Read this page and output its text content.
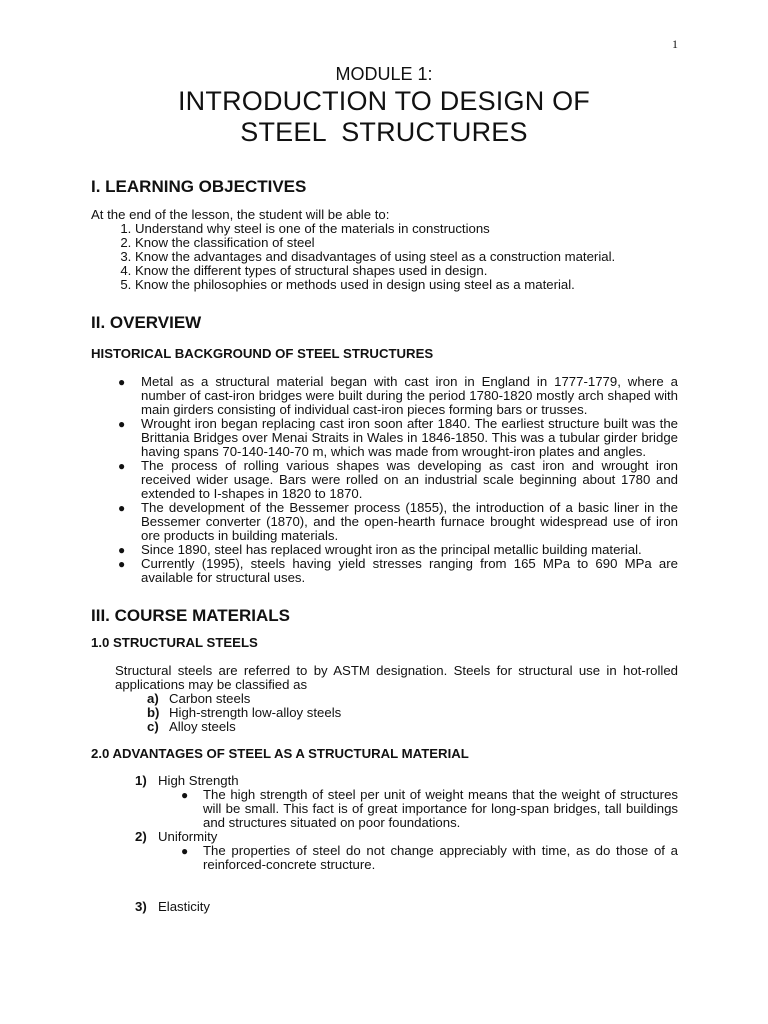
1
MODULE 1:
INTRODUCTION TO DESIGN OF
STEEL  STRUCTURES
I. LEARNING OBJECTIVES

At the end of the lesson, the student will be able to:

1. Understand why steel is one of the materials in constructions
2. Know the classification of steel
3. Know the advantages and disadvantages of using steel as a construction material.
4. Know the different types of structural shapes used in design.
5. Know the philosophies or methods used in design using steel as a material.
II. OVERVIEW
HISTORICAL BACKGROUND OF STEEL STRUCTURES
● Metal as a structural material began with cast iron in England in 1777-1779, where a number of cast-iron bridges were built during the period 1780-1820 mostly arch shaped with main girders consisting of individual cast-iron pieces forming bars or trusses.
● Wrought iron began replacing cast iron soon after 1840. The earliest structure built was the Brittania Bridges over Menai Straits in Wales in 1846-1850. This was a tubular girder bridge having spans 70-140-140-70 m, which was made from wrought-iron plates and angles.
● The process of rolling various shapes was developing as cast iron and wrought iron received wider usage. Bars were rolled on an industrial scale beginning about 1780 and extended to I-shapes in 1820 to 1870.
● The development of the Bessemer process (1855), the introduction of a basic liner in the Bessemer converter (1870), and the open-hearth furnace brought widespread use of iron ore products in building materials.
● Since 1890, steel has replaced wrought iron as the principal metallic building material.
● Currently (1995), steels having yield stresses ranging from 165 MPa to 690 MPa are available for structural uses.
III. COURSE MATERIALS
1.0 STRUCTURAL STEELS

Structural steels are referred to by ASTM designation. Steels for structural use in hot-rolled applications may be classified as

a) Carbon steels
b) High-strength low-alloy steels
c) Alloy steels
2.0 ADVANTAGES OF STEEL AS A STRUCTURAL MATERIAL
1) High Strength
● The high strength of steel per unit of weight means that the weight of structures will be small. This fact is of great importance for long-span bridges, tall buildings and structures situated on poor foundations.
2) Uniformity
● The properties of steel do not change appreciably with time, as do those of a reinforced-concrete structure.
3) Elasticity
